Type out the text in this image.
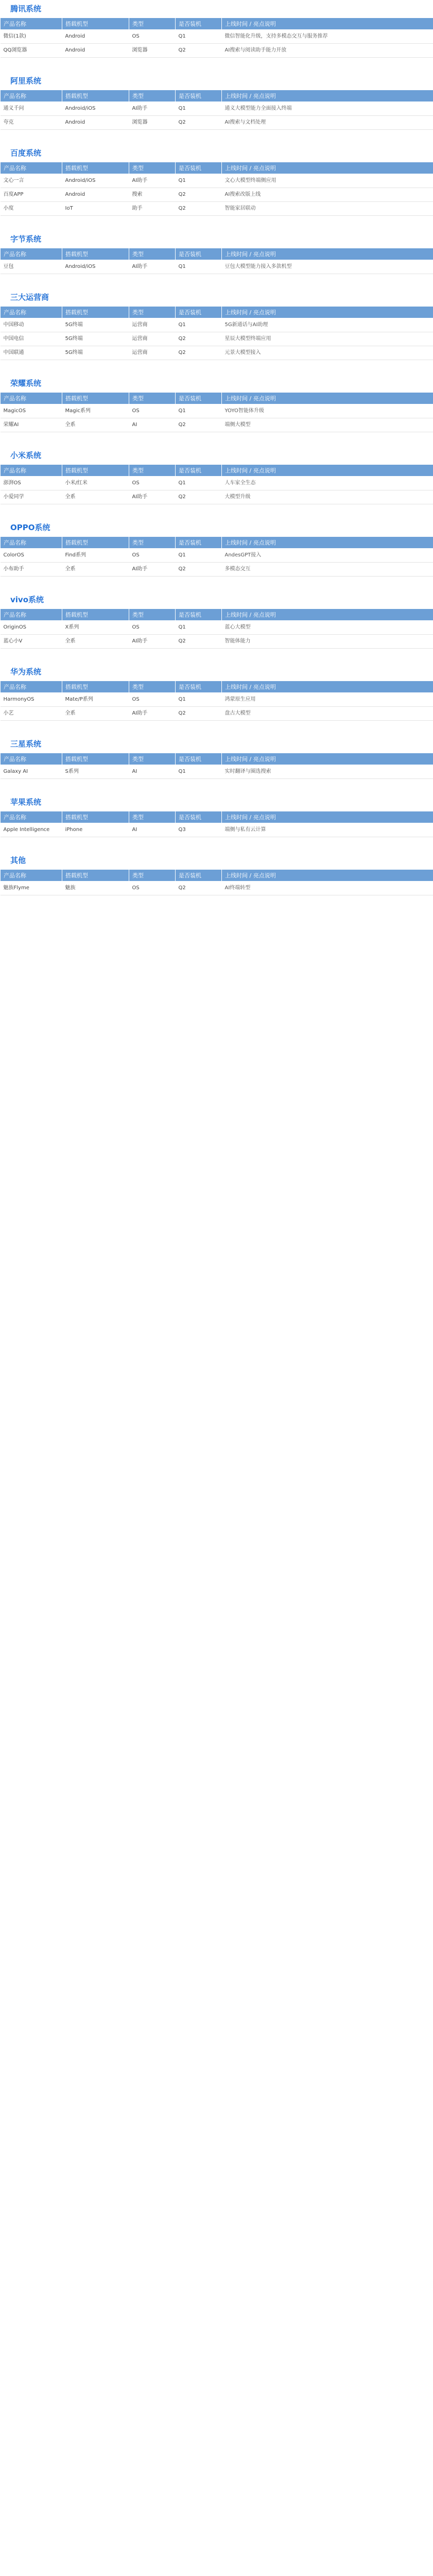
腾讯系统
产品名称	搭载机型	类型	是否装机	上线时间 / 亮点说明
微信(1款)	Android	OS	Q1	微信智能化升级，支持多模态交互与服务推荐
QQ浏览器	Android	浏览器	Q2	AI搜索与阅读助手能力开放
阿里系统
产品名称	搭载机型	类型	是否装机	上线时间 / 亮点说明
通义千问	Android/iOS	AI助手	Q1	通义大模型能力全面接入终端
夸克	Android	浏览器	Q2	AI搜索与文档处理
百度系统
产品名称	搭载机型	类型	是否装机	上线时间 / 亮点说明
文心一言	Android/iOS	AI助手	Q1	文心大模型终端侧应用
百度APP	Android	搜索	Q2	AI搜索改版上线
小度	IoT	助手	Q2	智能家居联动
字节系统
产品名称	搭载机型	类型	是否装机	上线时间 / 亮点说明
豆包	Android/iOS	AI助手	Q1	豆包大模型能力接入多款机型
三大运营商
产品名称	搭载机型	类型	是否装机	上线时间 / 亮点说明
中国移动	5G终端	运营商	Q1	5G新通话与AI助理
中国电信	5G终端	运营商	Q2	星辰大模型终端应用
中国联通	5G终端	运营商	Q2	元景大模型接入
荣耀系统
产品名称	搭载机型	类型	是否装机	上线时间 / 亮点说明
MagicOS	Magic系列	OS	Q1	YOYO智能体升级
荣耀AI	全系	AI	Q2	端侧大模型
小米系统
产品名称	搭载机型	类型	是否装机	上线时间 / 亮点说明
澎湃OS	小米/红米	OS	Q1	人车家全生态
小爱同学	全系	AI助手	Q2	大模型升级
OPPO系统
产品名称	搭载机型	类型	是否装机	上线时间 / 亮点说明
ColorOS	Find系列	OS	Q1	AndesGPT接入
小布助手	全系	AI助手	Q2	多模态交互
vivo系统
产品名称	搭载机型	类型	是否装机	上线时间 / 亮点说明
OriginOS	X系列	OS	Q1	蓝心大模型
蓝心小V	全系	AI助手	Q2	智能体能力
华为系统
产品名称	搭载机型	类型	是否装机	上线时间 / 亮点说明
HarmonyOS	Mate/P系列	OS	Q1	鸿蒙原生应用
小艺	全系	AI助手	Q2	盘古大模型
三星系统
产品名称	搭载机型	类型	是否装机	上线时间 / 亮点说明
Galaxy AI	S系列	AI	Q1	实时翻译与圈选搜索
苹果系统
产品名称	搭载机型	类型	是否装机	上线时间 / 亮点说明
Apple Intelligence	iPhone	AI	Q3	端侧与私有云计算
其他
产品名称	搭载机型	类型	是否装机	上线时间 / 亮点说明
魅族Flyme	魅族	OS	Q2	AI终端转型
